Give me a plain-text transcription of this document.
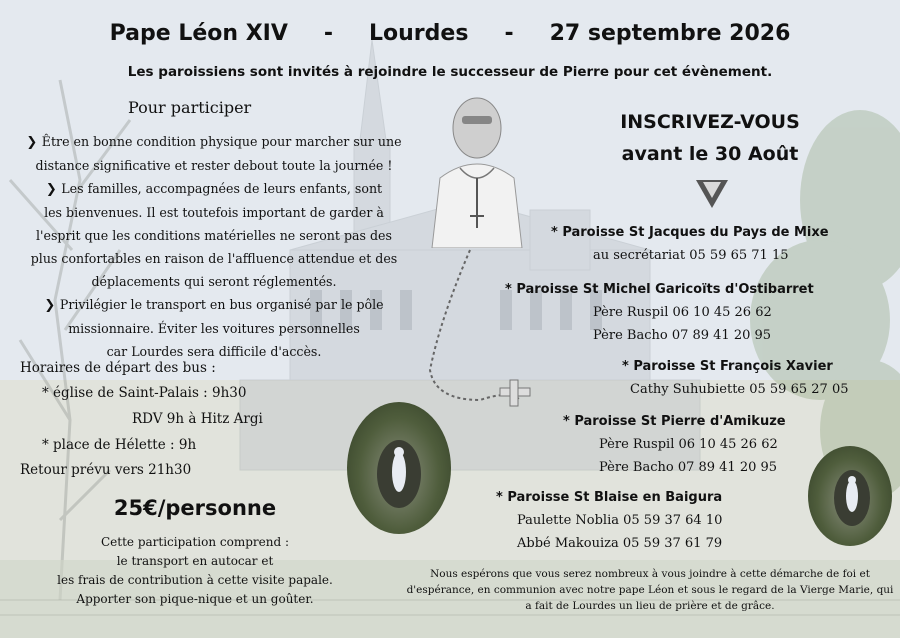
Pape Léon XIV - Lourdes - 27 septembre 2026
Les paroissiens sont invités à rejoindre le successeur de Pierre pour cet évènement.
Pour participer
❯ Être en bonne condition physique pour marcher sur une
distance significative et rester debout toute la journée !
❯ Les familles, accompagnées de leurs enfants, sont
les bienvenues. Il est toutefois important de garder à
l'esprit que les conditions matérielles ne seront pas des
plus confortables en raison de l'affluence attendue et des
déplacements qui seront réglementés.
❯ Privilégier le transport en bus organisé par le pôle
missionnaire. Éviter les voitures personnelles
car Lourdes sera difficile d'accès.
Horaires de départ des bus :
* église de Saint-Palais : 9h30
RDV 9h à Hitz Argi
* place de Hélette : 9h
Retour prévu vers 21h30
25€/personne
Cette participation comprend :
le transport en autocar et
les frais de contribution à cette visite papale.
Apporter son pique-nique et un goûter.
INSCRIVEZ-VOUS
avant le 30 Août
* Paroisse St Jacques du Pays de Mixe
au secrétariat 05 59 65 71 15
* Paroisse St Michel Garicoïts d'Ostibarret
Père Ruspil 06 10 45 26 62
Père Bacho 07 89 41 20 95
* Paroisse St François Xavier
Cathy Suhubiette 05 59 65 27 05
* Paroisse St Pierre d'Amikuze
Père Ruspil 06 10 45 26 62
Père Bacho 07 89 41 20 95
* Paroisse St Blaise en Baigura
Paulette Noblia 05 59 37 64 10
Abbé Makouiza 05 59 37 61 79
Nous espérons que vous serez nombreux à vous joindre à cette démarche de foi et d'espérance, en communion avec notre pape Léon et sous le regard de la Vierge Marie, qui a fait de Lourdes un lieu de prière et de grâce.
